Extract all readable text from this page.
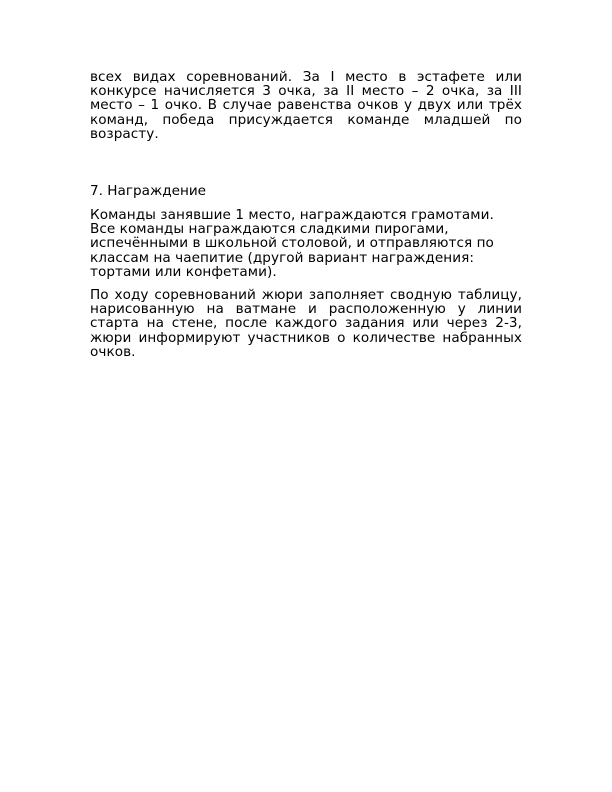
всех видах соревнований. За I место в эстафете или конкурсе начисляется 3 очка, за II место – 2 очка, за III место – 1 очко. В случае равенства очков у двух или трёх команд, победа присуждается команде младшей по возрасту.

7. Награждение

Команды занявшие 1 место, награждаются грамотами. Все команды награждаются сладкими пирогами, испечёнными в школьной столовой, и отправляются по классам на чаепитие (другой вариант награждения: тортами или конфетами).

По ходу соревнований жюри заполняет сводную таблицу, нарисованную на ватмане и расположенную у линии старта на стене, после каждого задания или через 2-3, жюри информируют участников о количестве набранных очков.
